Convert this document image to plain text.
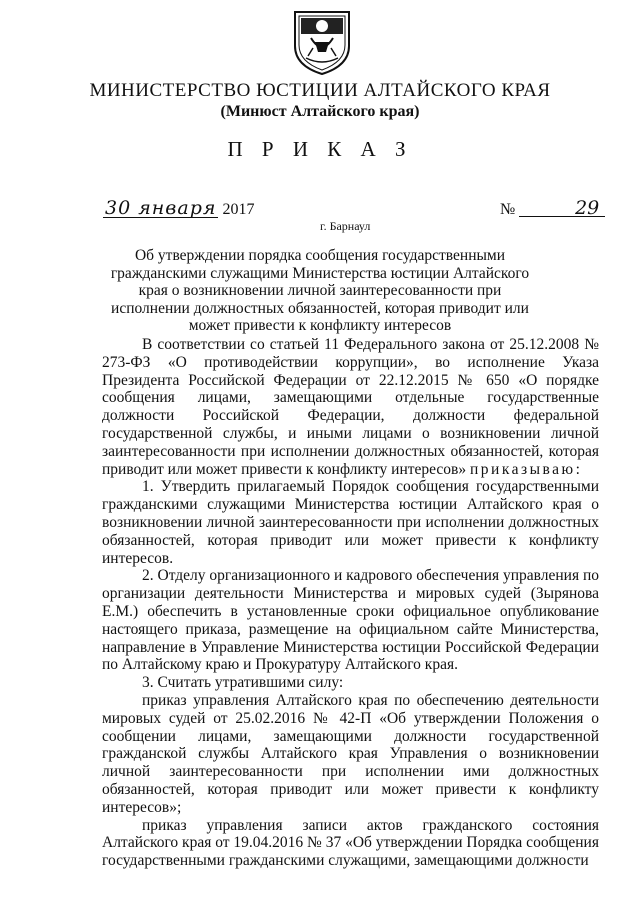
МИНИСТЕРСТВО ЮСТИЦИИ АЛТАЙСКОГО КРАЯ
(Минюст Алтайского края)
П Р И К А З
30 января 2017	№	29
г. Барнаул
Об утверждении порядка сообщения государственными гражданскими служащими Министерства юстиции Алтайского края о возникновении личной заинтересованности при исполнении должностных обязанностей, которая приводит или может привести к конфликту интересов

В соответствии со статьей 11 Федерального закона от 25.12.2008 № 273-ФЗ «О противодействии коррупции», во исполнение Указа Президента Российской Федерации от 22.12.2015 № 650 «О порядке сообщения лицами, замещающими отдельные государственные должности Российской Федерации, должности федеральной государственной службы, и иными лицами о возникновении личной заинтересованности при исполнении должностных обязанностей, которая приводит или может привести к конфликту интересов» приказываю:

1. Утвердить прилагаемый Порядок сообщения государственными гражданскими служащими Министерства юстиции Алтайского края о возникновении личной заинтересованности при исполнении должностных обязанностей, которая приводит или может привести к конфликту интересов.

2. Отделу организационного и кадрового обеспечения управления по организации деятельности Министерства и мировых судей (Зырянова Е.М.) обеспечить в установленные сроки официальное опубликование настоящего приказа, размещение на официальном сайте Министерства, направление в Управление Министерства юстиции Российской Федерации по Алтайскому краю и Прокуратуру Алтайского края.

3. Считать утратившими силу:

приказ управления Алтайского края по обеспечению деятельности мировых судей от 25.02.2016 № 42-П «Об утверждении Положения о сообщении лицами, замещающими должности государственной гражданской службы Алтайского края Управления о возникновении личной заинтересованности при исполнении ими должностных обязанностей, которая приводит или может привести к конфликту интересов»;

приказ управления записи актов гражданского состояния Алтайского края от 19.04.2016 № 37 «Об утверждении Порядка сообщения государственными гражданскими служащими, замещающими должности
